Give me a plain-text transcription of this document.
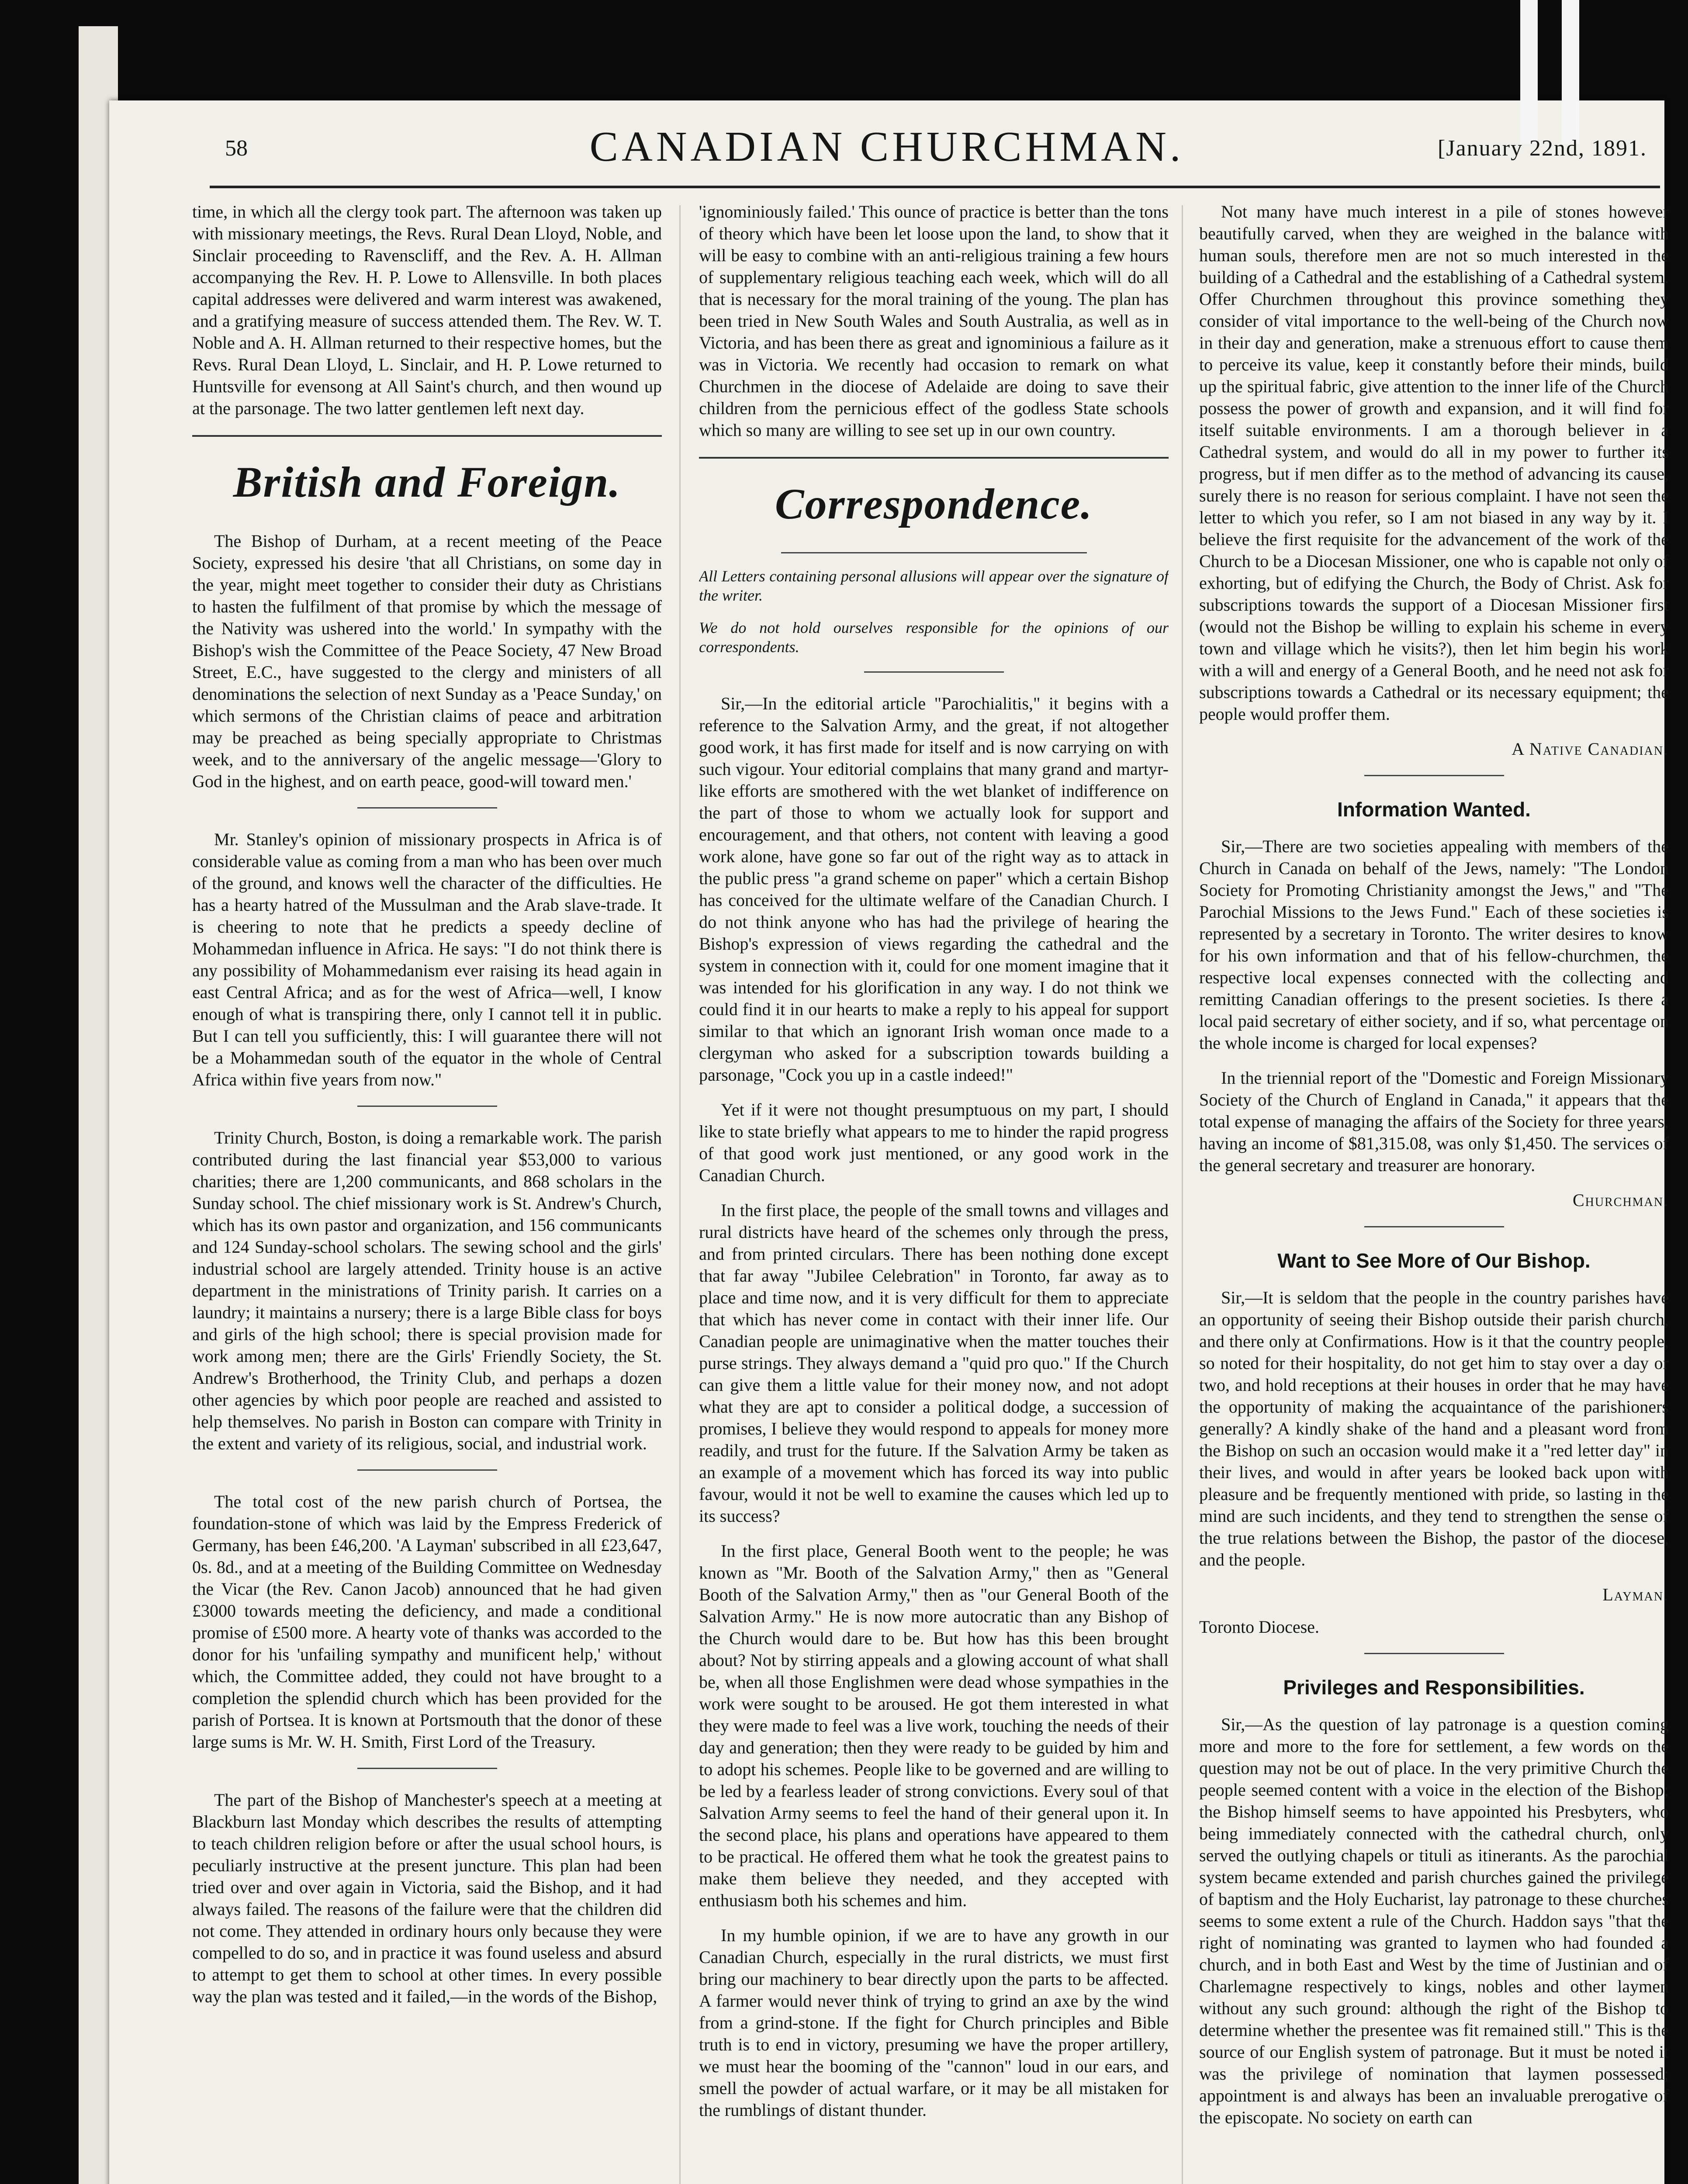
58	CANADIAN CHURCHMAN.	[January 22nd, 1891.

time, in which all the clergy took part. The afternoon was taken up with missionary meetings, the Revs. Rural Dean Lloyd, Noble, and Sinclair proceeding to Ravenscliff, and the Rev. A. H. Allman accompanying the Rev. H. P. Lowe to Allensville. In both places capital addresses were delivered and warm interest was awakened, and a gratifying measure of success attended them. The Rev. W. T. Noble and A. H. Allman returned to their respective homes, but the Revs. Rural Dean Lloyd, L. Sinclair, and H. P. Lowe returned to Huntsville for evensong at All Saint's church, and then wound up at the parsonage. The two latter gentlemen left next day.

British and Foreign.

The Bishop of Durham, at a recent meeting of the Peace Society, expressed his desire 'that all Christians, on some day in the year, might meet together to consider their duty as Christians to hasten the fulfilment of that promise by which the message of the Nativity was ushered into the world.' In sympathy with the Bishop's wish the Committee of the Peace Society, 47 New Broad Street, E.C., have suggested to the clergy and ministers of all denominations the selection of next Sunday as a 'Peace Sunday,' on which sermons of the Christian claims of peace and arbitration may be preached as being specially appropriate to Christmas week, and to the anniversary of the angelic message—'Glory to God in the highest, and on earth peace, good-will toward men.'

Mr. Stanley's opinion of missionary prospects in Africa is of considerable value as coming from a man who has been over much of the ground, and knows well the character of the difficulties. He has a hearty hatred of the Mussulman and the Arab slave-trade. It is cheering to note that he predicts a speedy decline of Mohammedan influence in Africa. He says: "I do not think there is any possibility of Mohammedanism ever raising its head again in east Central Africa; and as for the west of Africa—well, I know enough of what is transpiring there, only I cannot tell it in public. But I can tell you sufficiently, this: I will guarantee there will not be a Mohammedan south of the equator in the whole of Central Africa within five years from now."

Trinity Church, Boston, is doing a remarkable work. The parish contributed during the last financial year $53,000 to various charities; there are 1,200 communicants, and 868 scholars in the Sunday school. The chief missionary work is St. Andrew's Church, which has its own pastor and organization, and 156 communicants and 124 Sunday-school scholars. The sewing school and the girls' industrial school are largely attended. Trinity house is an active department in the ministrations of Trinity parish. It carries on a laundry; it maintains a nursery; there is a large Bible class for boys and girls of the high school; there is special provision made for work among men; there are the Girls' Friendly Society, the St. Andrew's Brotherhood, the Trinity Club, and perhaps a dozen other agencies by which poor people are reached and assisted to help themselves. No parish in Boston can compare with Trinity in the extent and variety of its religious, social, and industrial work.

The total cost of the new parish church of Portsea, the foundation-stone of which was laid by the Empress Frederick of Germany, has been £46,200. 'A Layman' subscribed in all £23,647, 0s. 8d., and at a meeting of the Building Committee on Wednesday the Vicar (the Rev. Canon Jacob) announced that he had given £3000 towards meeting the deficiency, and made a conditional promise of £500 more. A hearty vote of thanks was accorded to the donor for his 'unfailing sympathy and munificent help,' without which, the Committee added, they could not have brought to a completion the splendid church which has been provided for the parish of Portsea. It is known at Portsmouth that the donor of these large sums is Mr. W. H. Smith, First Lord of the Treasury.

The part of the Bishop of Manchester's speech at a meeting at Blackburn last Monday which describes the results of attempting to teach children religion before or after the usual school hours, is peculiarly instructive at the present juncture. This plan had been tried over and over again in Victoria, said the Bishop, and it had always failed. The reasons of the failure were that the children did not come. They attended in ordinary hours only because they were compelled to do so, and in practice it was found useless and absurd to attempt to get them to school at other times. In every possible way the plan was tested and it failed,—in the words of the Bishop,

'ignominiously failed.' This ounce of practice is better than the tons of theory which have been let loose upon the land, to show that it will be easy to combine with an anti-religious training a few hours of supplementary religious teaching each week, which will do all that is necessary for the moral training of the young. The plan has been tried in New South Wales and South Australia, as well as in Victoria, and has been there as great and ignominious a failure as it was in Victoria. We recently had occasion to remark on what Churchmen in the diocese of Adelaide are doing to save their children from the pernicious effect of the godless State schools which so many are willing to see set up in our own country.

Correspondence.

All Letters containing personal allusions will appear over the signature of the writer.

We do not hold ourselves responsible for the opinions of our correspondents.

Sir,—In the editorial article "Parochialitis," it begins with a reference to the Salvation Army, and the great, if not altogether good work, it has first made for itself and is now carrying on with such vigour. Your editorial complains that many grand and martyr-like efforts are smothered with the wet blanket of indifference on the part of those to whom we actually look for support and encouragement, and that others, not content with leaving a good work alone, have gone so far out of the right way as to attack in the public press "a grand scheme on paper" which a certain Bishop has conceived for the ultimate welfare of the Canadian Church. I do not think anyone who has had the privilege of hearing the Bishop's expression of views regarding the cathedral and the system in connection with it, could for one moment imagine that it was intended for his glorification in any way. I do not think we could find it in our hearts to make a reply to his appeal for support similar to that which an ignorant Irish woman once made to a clergyman who asked for a subscription towards building a parsonage, "Cock you up in a castle indeed!"

Yet if it were not thought presumptuous on my part, I should like to state briefly what appears to me to hinder the rapid progress of that good work just mentioned, or any good work in the Canadian Church.

In the first place, the people of the small towns and villages and rural districts have heard of the schemes only through the press, and from printed circulars. There has been nothing done except that far away "Jubilee Celebration" in Toronto, far away as to place and time now, and it is very difficult for them to appreciate that which has never come in contact with their inner life. Our Canadian people are unimaginative when the matter touches their purse strings. They always demand a "quid pro quo." If the Church can give them a little value for their money now, and not adopt what they are apt to consider a political dodge, a succession of promises, I believe they would respond to appeals for money more readily, and trust for the future. If the Salvation Army be taken as an example of a movement which has forced its way into public favour, would it not be well to examine the causes which led up to its success?

In the first place, General Booth went to the people; he was known as "Mr. Booth of the Salvation Army," then as "General Booth of the Salvation Army," then as "our General Booth of the Salvation Army." He is now more autocratic than any Bishop of the Church would dare to be. But how has this been brought about? Not by stirring appeals and a glowing account of what shall be, when all those Englishmen were dead whose sympathies in the work were sought to be aroused. He got them interested in what they were made to feel was a live work, touching the needs of their day and generation; then they were ready to be guided by him and to adopt his schemes. People like to be governed and are willing to be led by a fearless leader of strong convictions. Every soul of that Salvation Army seems to feel the hand of their general upon it. In the second place, his plans and operations have appeared to them to be practical. He offered them what he took the greatest pains to make them believe they needed, and they accepted with enthusiasm both his schemes and him.

In my humble opinion, if we are to have any growth in our Canadian Church, especially in the rural districts, we must first bring our machinery to bear directly upon the parts to be affected. A farmer would never think of trying to grind an axe by the wind from a grind-stone. If the fight for Church principles and Bible truth is to end in victory, presuming we have the proper artillery, we must hear the booming of the "cannon" loud in our ears, and smell the powder of actual warfare, or it may be all mistaken for the rumblings of distant thunder.

Not many have much interest in a pile of stones however beautifully carved, when they are weighed in the balance with human souls, therefore men are not so much interested in the building of a Cathedral and the establishing of a Cathedral system. Offer Churchmen throughout this province something they consider of vital importance to the well-being of the Church now in their day and generation, make a strenuous effort to cause them to perceive its value, keep it constantly before their minds, build up the spiritual fabric, give attention to the inner life of the Church possess the power of growth and expansion, and it will find for itself suitable environments. I am a thorough believer in a Cathedral system, and would do all in my power to further its progress, but if men differ as to the method of advancing its cause, surely there is no reason for serious complaint. I have not seen the letter to which you refer, so I am not biased in any way by it. I believe the first requisite for the advancement of the work of the Church to be a Diocesan Missioner, one who is capable not only of exhorting, but of edifying the Church, the Body of Christ. Ask for subscriptions towards the support of a Diocesan Missioner first (would not the Bishop be willing to explain his scheme in every town and village which he visits?), then let him begin his work with a will and energy of a General Booth, and he need not ask for subscriptions towards a Cathedral or its necessary equipment; the people would proffer them.

A Native Canadian.
Information Wanted.

Sir,—There are two societies appealing with members of the Church in Canada on behalf of the Jews, namely: "The London Society for Promoting Christianity amongst the Jews," and "The Parochial Missions to the Jews Fund." Each of these societies is represented by a secretary in Toronto. The writer desires to know for his own information and that of his fellow-churchmen, the respective local expenses connected with the collecting and remitting Canadian offerings to the present societies. Is there a local paid secretary of either society, and if so, what percentage on the whole income is charged for local expenses?

In the triennial report of the "Domestic and Foreign Missionary Society of the Church of England in Canada," it appears that the total expense of managing the affairs of the Society for three years, having an income of $81,315.08, was only $1,450. The services of the general secretary and treasurer are honorary.

Churchman.
Want to See More of Our Bishop.

Sir,—It is seldom that the people in the country parishes have an opportunity of seeing their Bishop outside their parish church, and there only at Confirmations. How is it that the country people, so noted for their hospitality, do not get him to stay over a day or two, and hold receptions at their houses in order that he may have the opportunity of making the acquaintance of the parishioners generally? A kindly shake of the hand and a pleasant word from the Bishop on such an occasion would make it a "red letter day" in their lives, and would in after years be looked back upon with pleasure and be frequently mentioned with pride, so lasting in the mind are such incidents, and they tend to strengthen the sense of the true relations between the Bishop, the pastor of the diocese, and the people.

Layman.

Toronto Diocese.

Privileges and Responsibilities.

Sir,—As the question of lay patronage is a question coming more and more to the fore for settlement, a few words on the question may not be out of place. In the very primitive Church the people seemed content with a voice in the election of the Bishop; the Bishop himself seems to have appointed his Presbyters, who being immediately connected with the cathedral church, only served the outlying chapels or tituli as itinerants. As the parochial system became extended and parish churches gained the privilege of baptism and the Holy Eucharist, lay patronage to these churches seems to some extent a rule of the Church. Haddon says "that the right of nominating was granted to laymen who had founded a church, and in both East and West by the time of Justinian and of Charlemagne respectively to kings, nobles and other laymen without any such ground: although the right of the Bishop to determine whether the presentee was fit remained still." This is the source of our English system of patronage. But it must be noted it was the privilege of nomination that laymen possessed; appointment is and always has been an invaluable prerogative of the episcopate. No society on earth can
